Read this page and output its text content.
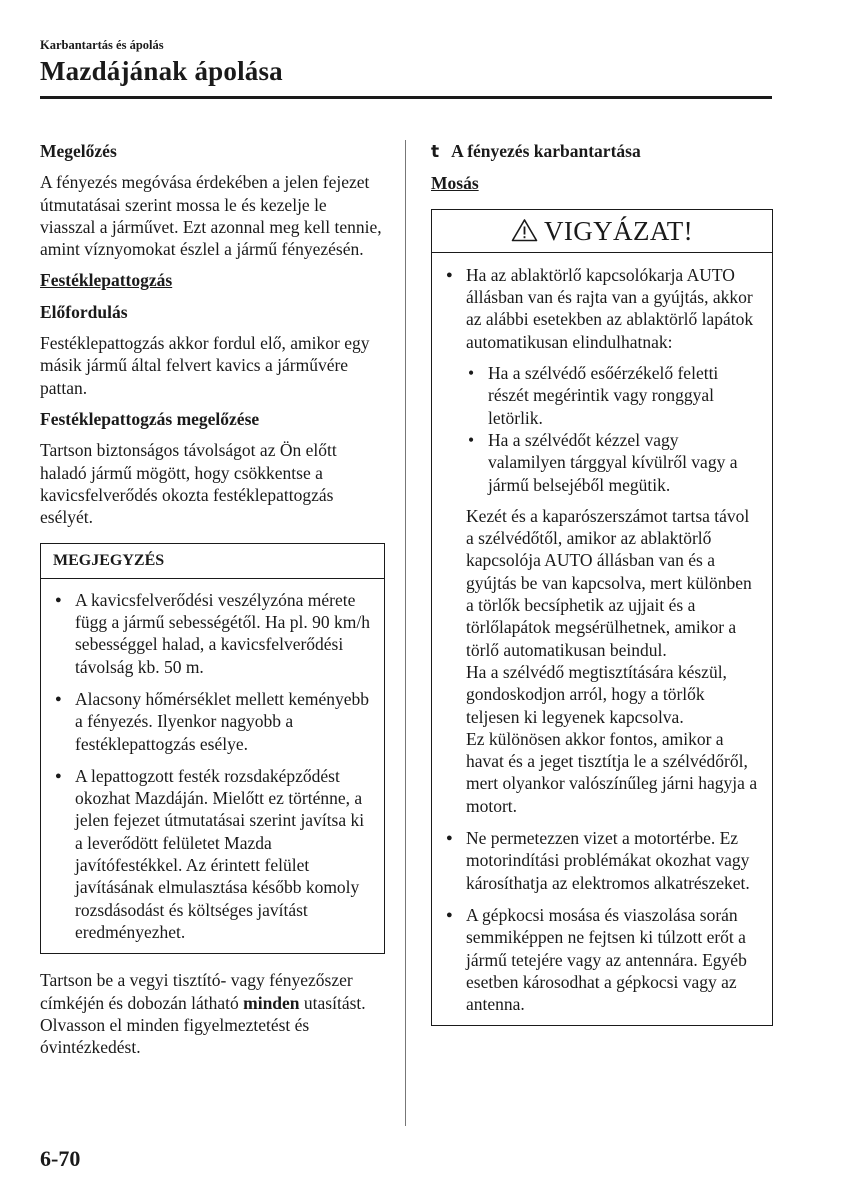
Karbantartás és ápolás
Mazdájának ápolása

Megelőzés

A fényezés megóvása érdekében a jelen fejezet útmutatásai szerint mossa le és kezelje le viasszal a járművet. Ezt azonnal meg kell tennie, amint víznyomokat észlel a jármű fényezésén.

Festéklepattogzás

Előfordulás

Festéklepattogzás akkor fordul elő, amikor egy másik jármű által felvert kavics a járművére pattan.

Festéklepattogzás megelőzése

Tartson biztonságos távolságot az Ön előtt haladó jármű mögött, hogy csökkentse a kavicsfelverődés okozta festéklepattogzás esélyét.

MEGJEGYZÉS
● A kavicsfelverődési veszélyzóna mérete függ a jármű sebességétől. Ha pl. 90 km/h sebességgel halad, a kavicsfelverődési távolság kb. 50 m.
● Alacsony hőmérséklet mellett keményebb a fényezés. Ilyenkor nagyobb a festéklepattogzás esélye.
● A lepattogzott festék rozsdaképződést okozhat Mazdáján. Mielőtt ez történne, a jelen fejezet útmutatásai szerint javítsa ki a leverődött felületet Mazda javítófestékkel. Az érintett felület javításának elmulasztása később komoly rozsdásodást és költséges javítást eredményezhet.

Tartson be a vegyi tisztító- vagy fényezőszer címkéjén és dobozán látható minden utasítást. Olvasson el minden figyelmeztetést és óvintézkedést.

t A fényezés karbantartása

Mosás

VIGYÁZAT!
● Ha az ablaktörlő kapcsolókarja AUTO állásban van és rajta van a gyújtás, akkor az alábbi esetekben az ablaktörlő lapátok automatikusan elindulhatnak:
• Ha a szélvédő esőérzékelő feletti részét megérintik vagy ronggyal letörlik.
• Ha a szélvédőt kézzel vagy valamilyen tárggyal kívülről vagy a jármű belsejéből megütik.
Kezét és a kaparószerszámot tartsa távol a szélvédőtől, amikor az ablaktörlő kapcsolója AUTO állásban van és a gyújtás be van kapcsolva, mert különben a törlők becsíphetik az ujjait és a törlőlapátok megsérülhetnek, amikor a törlő automatikusan beindul.
Ha a szélvédő megtisztítására készül, gondoskodjon arról, hogy a törlők teljesen ki legyenek kapcsolva.
Ez különösen akkor fontos, amikor a havat és a jeget tisztítja le a szélvédőről, mert olyankor valószínűleg járni hagyja a motort.
● Ne permetezzen vizet a motortérbe. Ez motorindítási problémákat okozhat vagy károsíthatja az elektromos alkatrészeket.
● A gépkocsi mosása és viaszolása során semmiképpen ne fejtsen ki túlzott erőt a jármű tetejére vagy az antennára. Egyéb esetben károsodhat a gépkocsi vagy az antenna.
6-70
